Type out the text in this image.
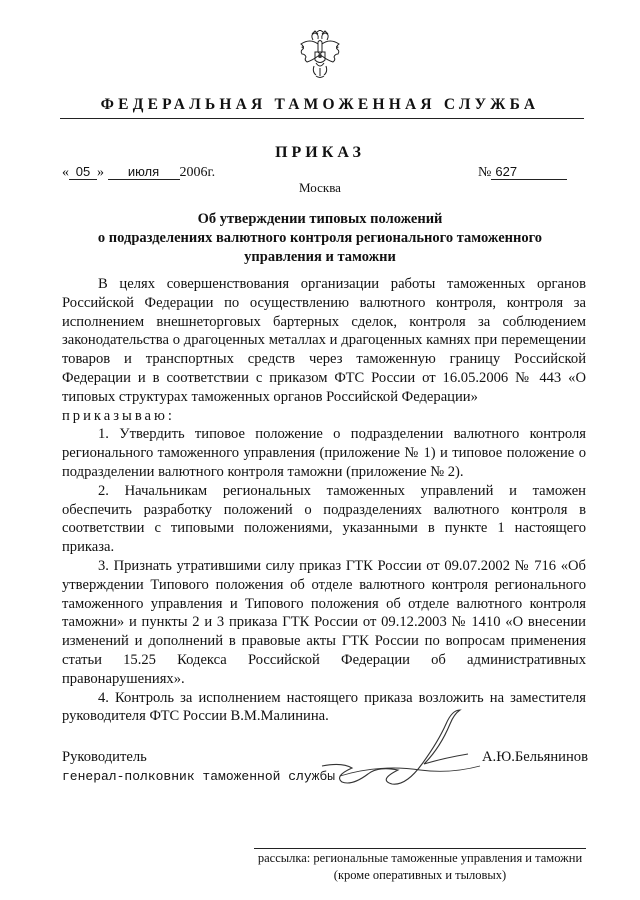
ФЕДЕРАЛЬНАЯ ТАМОЖЕННАЯ СЛУЖБА
ПРИКАЗ
« 05 » июля 2006г.	№ 627
Москва
Об утверждении типовых положений
о подразделениях валютного контроля регионального таможенного
управления и таможни

В целях совершенствования организации работы таможенных органов Российской Федерации по осуществлению валютного контроля, контроля за исполнением внешнеторговых бартерных сделок, контроля за соблюдением законодательства о драгоценных металлах и драгоценных камнях при перемещении товаров и транспортных средств через таможенную границу Российской Федерации и в соответствии с приказом ФТС России от 16.05.2006 № 443 «О типовых структурах таможенных органов Российской Федерации»

приказываю:

1. Утвердить типовое положение о подразделении валютного контроля регионального таможенного управления (приложение № 1) и типовое положение о подразделении валютного контроля таможни (приложение № 2).

2. Начальникам региональных таможенных управлений и таможен обеспечить разработку положений о подразделениях валютного контроля в соответствии с типовыми положениями, указанными в пункте 1 настоящего приказа.

3. Признать утратившими силу приказ ГТК России от 09.07.2002 № 716 «Об утверждении Типового положения об отделе валютного контроля регионального таможенного управления и Типового положения об отделе валютного контроля таможни» и пункты 2 и 3 приказа ГТК России от 09.12.2003 № 1410 «О внесении изменений и дополнений в правовые акты ГТК России по вопросам применения статьи 15.25 Кодекса Российской Федерации об административных правонарушениях».

4. Контроль за исполнением настоящего приказа возложить на заместителя руководителя ФТС России В.М.Малинина.

Руководитель
генерал-полковник таможенной службы
А.Ю.Бельянинов
рассылка: региональные таможенные управления и таможни
(кроме оперативных и тыловых)
